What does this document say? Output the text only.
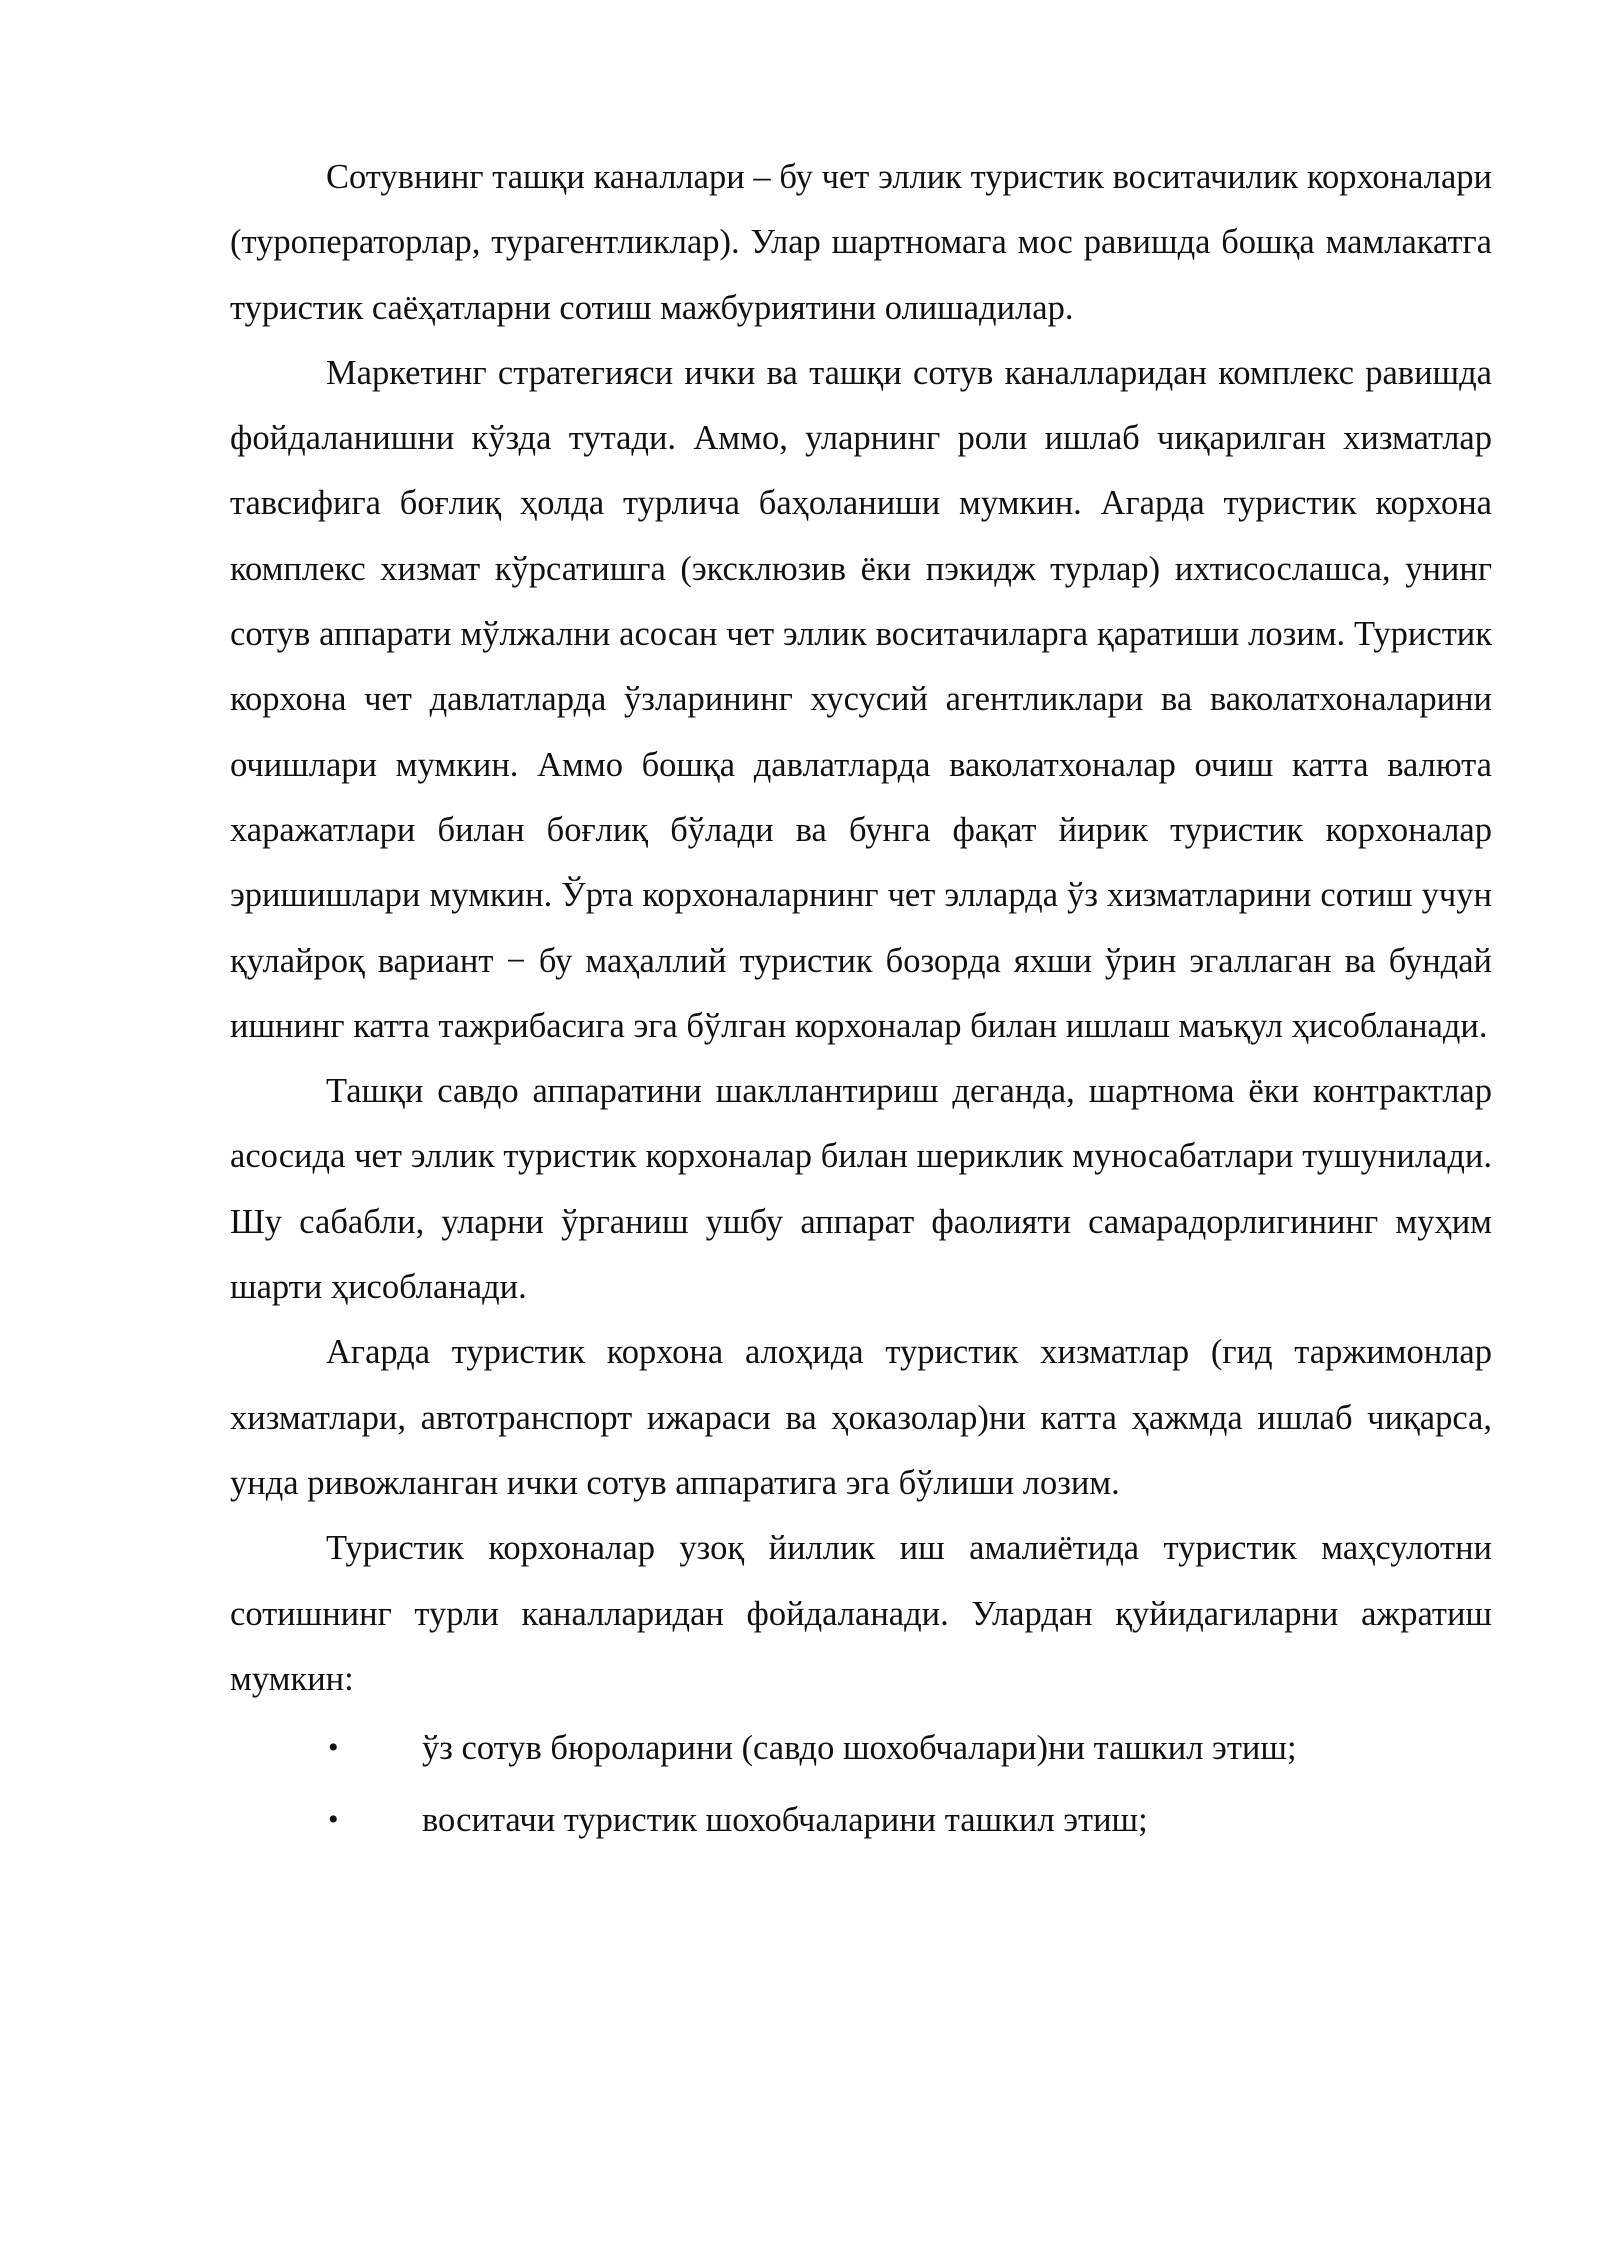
Сотувнинг ташқи каналлари – бу чет эллик туристик воситачилик корхоналари (туроператорлар, турагентликлар). Улар шартномага мос равишда бошқа мамлакатга туристик саёҳатларни сотиш мажбуриятини олишадилар.

Маркетинг стратегияси ички ва ташқи сотув каналларидан комплекс равишда фойдаланишни кўзда тутади. Аммо, уларнинг роли ишлаб чиқарилган хизматлар тавсифига боғлиқ ҳолда турлича баҳоланиши мумкин. Агарда туристик корхона комплекс хизмат кўрсатишга (эксклюзив ёки пэкидж турлар) ихтисослашса, унинг сотув аппарати мўлжални асосан чет эллик воситачиларга қаратиши лозим. Туристик корхона чет давлатларда ўзларининг хусусий агентликлари ва ваколатхоналарини очишлари мумкин. Аммо бошқа давлатларда ваколатхоналар очиш катта валюта харажатлари билан боғлиқ бўлади ва бунга фақат йирик туристик корхоналар эришишлари мумкин. Ўрта корхоналарнинг чет элларда ўз хизматларини сотиш учун қулайроқ вариант − бу маҳаллий туристик бозорда яхши ўрин эгаллаган ва бундай ишнинг катта тажрибасига эга бўлган корхоналар билан ишлаш маъқул ҳисобланади.

Ташқи савдо аппаратини шакллантириш деганда, шартнома ёки контрактлар асосида чет эллик туристик корхоналар билан шериклик муносабатлари тушунилади. Шу сабабли, уларни ўрганиш ушбу аппарат фаолияти самарадорлигининг муҳим шарти ҳисобланади.

Агарда туристик корхона алоҳида туристик хизматлар (гид таржимонлар хизматлари, автотранспорт ижараси ва ҳоказолар)ни катта ҳажмда ишлаб чиқарса, унда ривожланган ички сотув аппаратига эга бўлиши лозим.

Туристик корхоналар узоқ йиллик иш амалиётида туристик маҳсулотни сотишнинг турли каналларидан фойдаланади. Улардан қуйидагиларни ажратиш мумкин:

• ўз сотув бюроларини (савдо шохобчалари)ни ташкил этиш;
• воситачи туристик шохобчаларини ташкил этиш;
